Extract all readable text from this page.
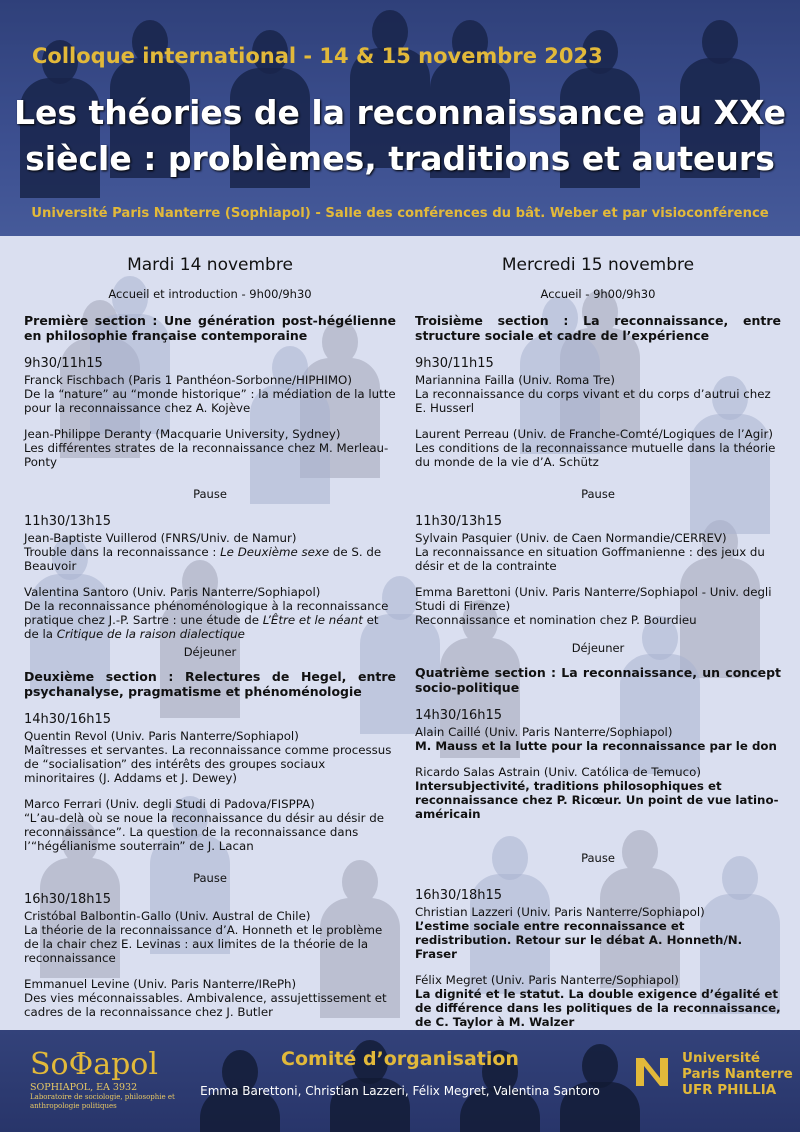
Colloque international - 14 & 15 novembre 2023
Les théories de la reconnaissance au XXe
siècle : problèmes, traditions et auteurs
Université Paris Nanterre (Sophiapol) - Salle des conférences du bât. Weber et par visioconférence
Mardi 14 novembre
Accueil et introduction - 9h00/9h30
Première section : Une génération post-hégélienne en philosophie française contemporaine
9h30/11h15
Franck Fischbach (Paris 1 Panthéon-Sorbonne/HIPHIMO)
De la “nature” au “monde historique” : la médiation de la lutte pour la reconnaissance chez A. Kojève
Jean-Philippe Deranty (Macquarie University, Sydney)
Les différentes strates de la reconnaissance chez M. Merleau-Ponty
Pause
11h30/13h15
Jean-Baptiste Vuillerod (FNRS/Univ. de Namur)
Trouble dans la reconnaissance : Le Deuxième sexe de S. de Beauvoir
Valentina Santoro (Univ. Paris Nanterre/Sophiapol)
De la reconnaissance phénoménologique à la reconnaissance pratique chez J.-P. Sartre : une étude de L’Être et le néant et de la Critique de la raison dialectique
Déjeuner
Deuxième section : Relectures de Hegel, entre psychanalyse, pragmatisme et phénoménologie
14h30/16h15
Quentin Revol (Univ. Paris Nanterre/Sophiapol)
Maîtresses et servantes. La reconnaissance comme processus de “socialisation” des intérêts des groupes sociaux minoritaires (J. Addams et J. Dewey)
Marco Ferrari (Univ. degli Studi di Padova/FISPPA)
“L’au-delà où se noue la reconnaissance du désir au désir de reconnaissance”. La question de la reconnaissance dans l’“hégélianisme souterrain” de J. Lacan
Pause
16h30/18h15
Cristóbal Balbontin-Gallo (Univ. Austral de Chile)
La théorie de la reconnaissance d’A. Honneth et le problème de la chair chez E. Levinas : aux limites de la théorie de la reconnaissance
Emmanuel Levine (Univ. Paris Nanterre/IRePh)
Des vies méconnaissables. Ambivalence, assujettissement et cadres de la reconnaissance chez J. Butler
Mercredi 15 novembre
Accueil - 9h00/9h30
Troisième section : La reconnaissance, entre structure sociale et cadre de l’expérience
9h30/11h15
Mariannina Failla (Univ. Roma Tre)
La reconnaissance du corps vivant et du corps d’autrui chez E. Husserl
Laurent Perreau (Univ. de Franche-Comté/Logiques de l’Agir)
Les conditions de la reconnaissance mutuelle dans la théorie du monde de la vie d’A. Schütz
Pause
11h30/13h15
Sylvain Pasquier (Univ. de Caen Normandie/CERREV)
La reconnaissance en situation Goffmanienne : des jeux du désir et de la contrainte
Emma Barettoni (Univ. Paris Nanterre/Sophiapol - Univ. degli Studi di Firenze)
Reconnaissance et nomination chez P. Bourdieu
Déjeuner
Quatrième section : La reconnaissance, un concept socio-politique
14h30/16h15
Alain Caillé (Univ. Paris Nanterre/Sophiapol)
M. Mauss et la lutte pour la reconnaissance par le don
Ricardo Salas Astrain (Univ. Católica de Temuco)
Intersubjectivité, traditions philosophiques et reconnaissance chez P. Ricœur. Un point de vue latino-américain
Pause
16h30/18h15
Christian Lazzeri (Univ. Paris Nanterre/Sophiapol)
L’estime sociale entre reconnaissance et redistribution. Retour sur le débat A. Honneth/N. Fraser
Félix Megret (Univ. Paris Nanterre/Sophiapol)
La dignité et le statut. La double exigence d’égalité et de différence dans les politiques de la reconnaissance, de C. Taylor à M. Walzer
SoΦapol
SOPHIAPOL, EA 3932
Laboratoire de sociologie, philosophie et anthropologie politiques
Comité d’organisation
Emma Barettoni, Christian Lazzeri, Félix Megret, Valentina Santoro
Université
Paris Nanterre
UFR PHILLIA
